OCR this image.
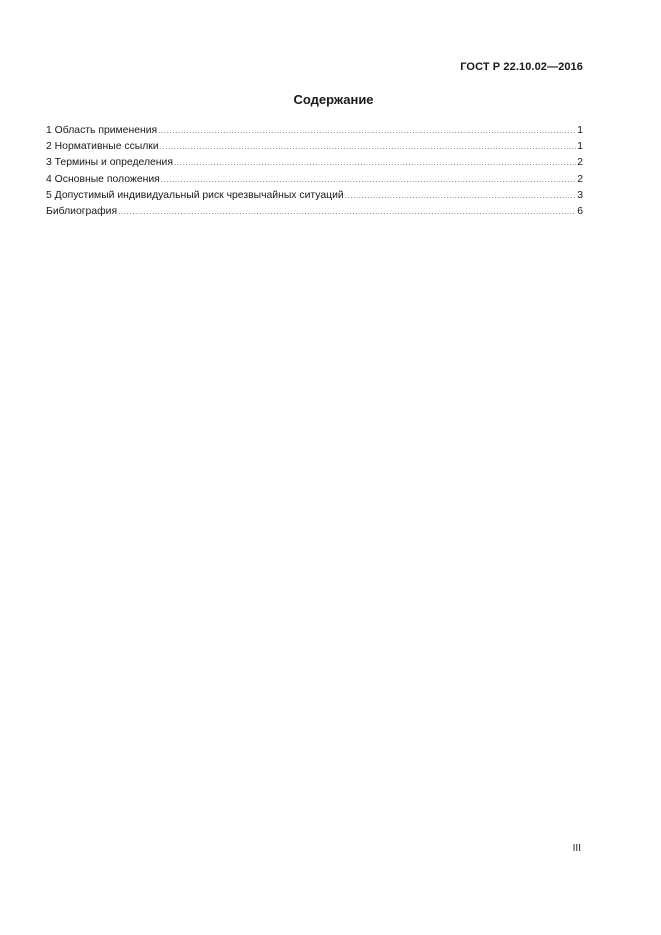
ГОСТ Р 22.10.02—2016
Содержание
1 Область применения .....	1
2 Нормативные ссылки .....	1
3 Термины и определения .....	2
4 Основные положения .....	2
5 Допустимый индивидуальный риск чрезвычайных ситуаций .....	3
Библиография .....	6
III
